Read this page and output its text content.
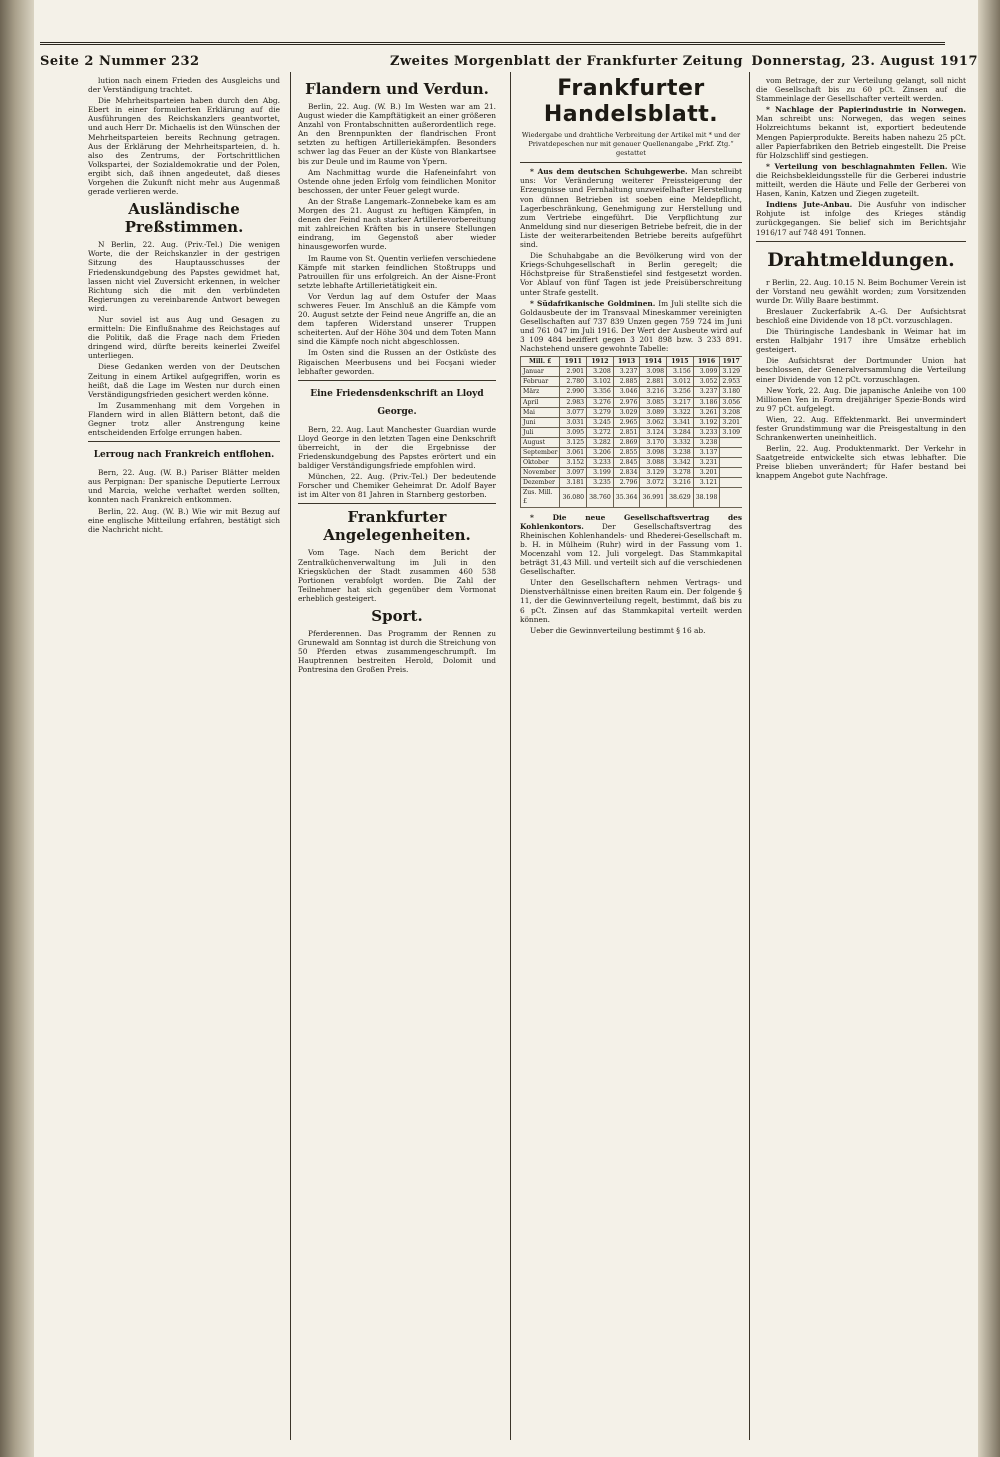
Seite 2 Nummer 232	Zweites Morgenblatt der Frankfurter Zeitung Donnerstag, 23. August 1917

lution nach einem Frieden des Ausgleichs und der Verständigung trachtet.

Die Mehrheitsparteien haben durch den Abg. Ebert in einer formulierten Erklärung auf die Ausführungen des Reichskanzlers geantwortet, und auch Herr Dr. Michaelis ist den Wünschen der Mehrheitsparteien bereits Rechnung getragen. Aus der Erklärung der Mehrheitsparteien, d. h. also des Zentrums, der Fortschrittlichen Volkspartei, der Sozialdemokratie und der Polen, ergibt sich, daß ihnen angedeutet, daß dieses Vorgehen die Zukunft nicht mehr aus Augenmaß gerade verlieren werde.

Ausländische Preßstimmen.

N Berlin, 22. Aug. (Priv.-Tel.) Die wenigen Worte, die der Reichskanzler in der gestrigen Sitzung des Hauptausschusses der Friedenskundgebung des Papstes gewidmet hat, lassen nicht viel Zuversicht erkennen, in welcher Richtung sich die mit den verbündeten Regierungen zu vereinbarende Antwort bewegen wird.

Nur soviel ist aus Aug und Gesagen zu ermitteln: Die Einflußnahme des Reichstages auf die Politik, daß die Frage nach dem Frieden dringend wird, dürfte bereits keinerlei Zweifel unterliegen.

Diese Gedanken werden von der Deutschen Zeitung in einem Artikel aufgegriffen, worin es heißt, daß die Lage im Westen nur durch einen Verständigungsfrieden gesichert werden könne.

Im Zusammenhang mit dem Vorgehen in Flandern wird in allen Blättern betont, daß die Gegner trotz aller Anstrengung keine entscheidenden Erfolge errungen haben.

Lerroug nach Frankreich entflohen.

Bern, 22. Aug. (W. B.) Pariser Blätter melden aus Perpignan: Der spanische Deputierte Lerroux und Marcia, welche verhaftet werden sollten, konnten nach Frankreich entkommen.

Berlin, 22. Aug. (W. B.) Wie wir mit Bezug auf eine englische Mitteilung erfahren, bestätigt sich die Nachricht nicht.

Flandern und Verdun.

Berlin, 22. Aug. (W. B.) Im Westen war am 21. August wieder die Kampftätigkeit an einer größeren Anzahl von Frontabschnitten außerordentlich rege. An den Brennpunkten der flandrischen Front setzten zu heftigen Artilleriekämpfen. Besonders schwer lag das Feuer an der Küste von Blankartsee bis zur Deule und im Raume von Ypern.

Am Nachmittag wurde die Hafeneinfahrt von Ostende ohne jeden Erfolg vom feindlichen Monitor beschossen, der unter Feuer gelegt wurde.

An der Straße Langemark–Zonnebeke kam es am Morgen des 21. August zu heftigen Kämpfen, in denen der Feind nach starker Artillerievorbereitung mit zahlreichen Kräften bis in unsere Stellungen eindrang, im Gegenstoß aber wieder hinausgeworfen wurde.

Im Raume von St. Quentin verliefen verschiedene Kämpfe mit starken feindlichen Stoßtrupps und Patrouillen für uns erfolgreich. An der Aisne-Front setzte lebhafte Artillerietätigkeit ein.

Vor Verdun lag auf dem Ostufer der Maas schweres Feuer. Im Anschluß an die Kämpfe vom 20. August setzte der Feind neue Angriffe an, die an dem tapferen Widerstand unserer Truppen scheiterten. Auf der Höhe 304 und dem Toten Mann sind die Kämpfe noch nicht abgeschlossen.

Im Osten sind die Russen an der Ostküste des Rigaischen Meerbusens und bei Focşani wieder lebhafter geworden.

Eine Friedensdenkschrift an Lloyd George.

Bern, 22. Aug. Laut Manchester Guardian wurde Lloyd George in den letzten Tagen eine Denkschrift überreicht, in der die Ergebnisse der Friedenskundgebung des Papstes erörtert und ein baldiger Verständigungsfriede empfohlen wird.

München, 22. Aug. (Priv.-Tel.) Der bedeutende Forscher und Chemiker Geheimrat Dr. Adolf Bayer ist im Alter von 81 Jahren in Starnberg gestorben.

Frankfurter Angelegenheiten.

Vom Tage. Nach dem Bericht der Zentralküchenverwaltung im Juli in den Kriegsküchen der Stadt zusammen 460 538 Portionen verabfolgt worden. Die Zahl der Teilnehmer hat sich gegenüber dem Vormonat erheblich gesteigert.

Sport.

Pferderennen. Das Programm der Rennen zu Grunewald am Sonntag ist durch die Streichung von 50 Pferden etwas zusammengeschrumpft. Im Hauptrennen bestreiten Herold, Dolomit und Pontresina den Großen Preis.

Frankfurter Handelsblatt.
Wiedergabe und drahtliche Verbreitung der Artikel mit * und der Privatdepeschen nur mit genauer Quellenangabe „Frkf. Ztg.“ gestattet

* Aus dem deutschen Schuhgewerbe. Man schreibt uns: Vor Veränderung weiterer Preissteigerung der Erzeugnisse und Fernhaltung unzweifelhafter Herstellung von dünnen Betrieben ist soeben eine Meldepflicht, Lagerbeschränkung, Genehmigung zur Herstellung und zum Vertriebe eingeführt. Die Verpflichtung zur Anmeldung sind nur dieserigen Betriebe befreit, die in der Liste der weiterarbeitenden Betriebe bereits aufgeführt sind.

Die Schuhabgabe an die Bevölkerung wird von der Kriegs-Schuhgesellschaft in Berlin geregelt; die Höchstpreise für Straßenstiefel sind festgesetzt worden. Vor Ablauf von fünf Tagen ist jede Preisüberschreitung unter Strafe gestellt.

* Südafrikanische Goldminen. Im Juli stellte sich die Goldausbeute der im Transvaal Mineskammer vereinigten Gesellschaften auf 737 839 Unzen gegen 759 724 im Juni und 761 047 im Juli 1916. Der Wert der Ausbeute wird auf 3 109 484 beziffert gegen 3 201 898 bzw. 3 233 891. Nachstehend unsere gewohnte Tabelle:

Mill. £	1911	1912	1913	1914	1915	1916	1917
Januar	2.901	3.208	3.237	3.098	3.156	3.099	3.129
Februar	2.780	3.102	2.885	2.881	3.012	3.052	2.953
März	2.990	3.356	3.046	3.216	3.256	3.237	3.180
April	2.983	3.276	2.976	3.085	3.217	3.186	3.056
Mai	3.077	3.279	3.029	3.089	3.322	3.261	3.208
Juni	3.031	3.245	2.965	3.062	3.341	3.192	3.201
Juli	3.095	3.272	2.851	3.124	3.284	3.233	3.109
August	3.125	3.282	2.869	3.170	3.332	3.238	
September	3.061	3.206	2.855	3.098	3.238	3.137	
Oktober	3.152	3.233	2.845	3.088	3.342	3.231	
November	3.097	3.199	2.834	3.129	3.278	3.201	
Dezember	3.181	3.235	2.796	3.072	3.216	3.121	
Zus. Mill. £	36.080	38.760	35.364	36.991	38.629	38.198	

* Die neue Gesellschaftsvertrag des Kohlenkontors. Der Gesellschaftsvertrag des Rheinischen Kohlenhandels- und Rhederei-Gesellschaft m. b. H. in Mülheim (Ruhr) wird in der Fassung vom 1. Mocenzahl vom 12. Juli vorgelegt. Das Stammkapital beträgt 31,43 Mill. und verteilt sich auf die verschiedenen Gesellschafter.

Unter den Gesellschaftern nehmen Vertrags- und Dienstverhältnisse einen breiten Raum ein. Der folgende § 11, der die Gewinnverteilung regelt, bestimmt, daß bis zu 6 pCt. Zinsen auf das Stammkapital verteilt werden können.

Ueber die Gewinnverteilung bestimmt § 16 ab.

vom Betrage, der zur Verteilung gelangt, soll nicht die Gesellschaft bis zu 60 pCt. Zinsen auf die Stammeinlage der Gesellschafter verteilt werden.

* Nachlage der Papierindustrie in Norwegen. Man schreibt uns: Norwegen, das wegen seines Holzreichtums bekannt ist, exportiert bedeutende Mengen Papierprodukte. Bereits haben nahezu 25 pCt. aller Papierfabriken den Betrieb eingestellt. Die Preise für Holzschliff sind gestiegen.

* Verteilung von beschlagnahmten Fellen. Wie die Reichsbekleidungsstelle für die Gerberei industrie mitteilt, werden die Häute und Felle der Gerberei von Hasen, Kanin, Katzen und Ziegen zugeteilt.

Indiens Jute-Anbau. Die Ausfuhr von indischer Rohjute ist infolge des Krieges ständig zurückgegangen. Sie belief sich im Berichtsjahr 1916/17 auf 748 491 Tonnen.

Drahtmeldungen.

r Berlin, 22. Aug. 10.15 N. Beim Bochumer Verein ist der Vorstand neu gewählt worden; zum Vorsitzenden wurde Dr. Willy Baare bestimmt.

Breslauer Zuckerfabrik A.-G. Der Aufsichtsrat beschloß eine Dividende von 18 pCt. vorzuschlagen.

Die Thüringische Landesbank in Weimar hat im ersten Halbjahr 1917 ihre Umsätze erheblich gesteigert.

Die Aufsichtsrat der Dortmunder Union hat beschlossen, der Generalversammlung die Verteilung einer Dividende von 12 pCt. vorzuschlagen.

New York, 22. Aug. Die japanische Anleihe von 100 Millionen Yen in Form dreijähriger Spezie-Bonds wird zu 97 pCt. aufgelegt.

Wien, 22. Aug. Effektenmarkt. Bei unvermindert fester Grundstimmung war die Preisgestaltung in den Schrankenwerten uneinheitlich.

Berlin, 22. Aug. Produktenmarkt. Der Verkehr in Saatgetreide entwickelte sich etwas lebhafter. Die Preise blieben unverändert; für Hafer bestand bei knappem Angebot gute Nachfrage.
